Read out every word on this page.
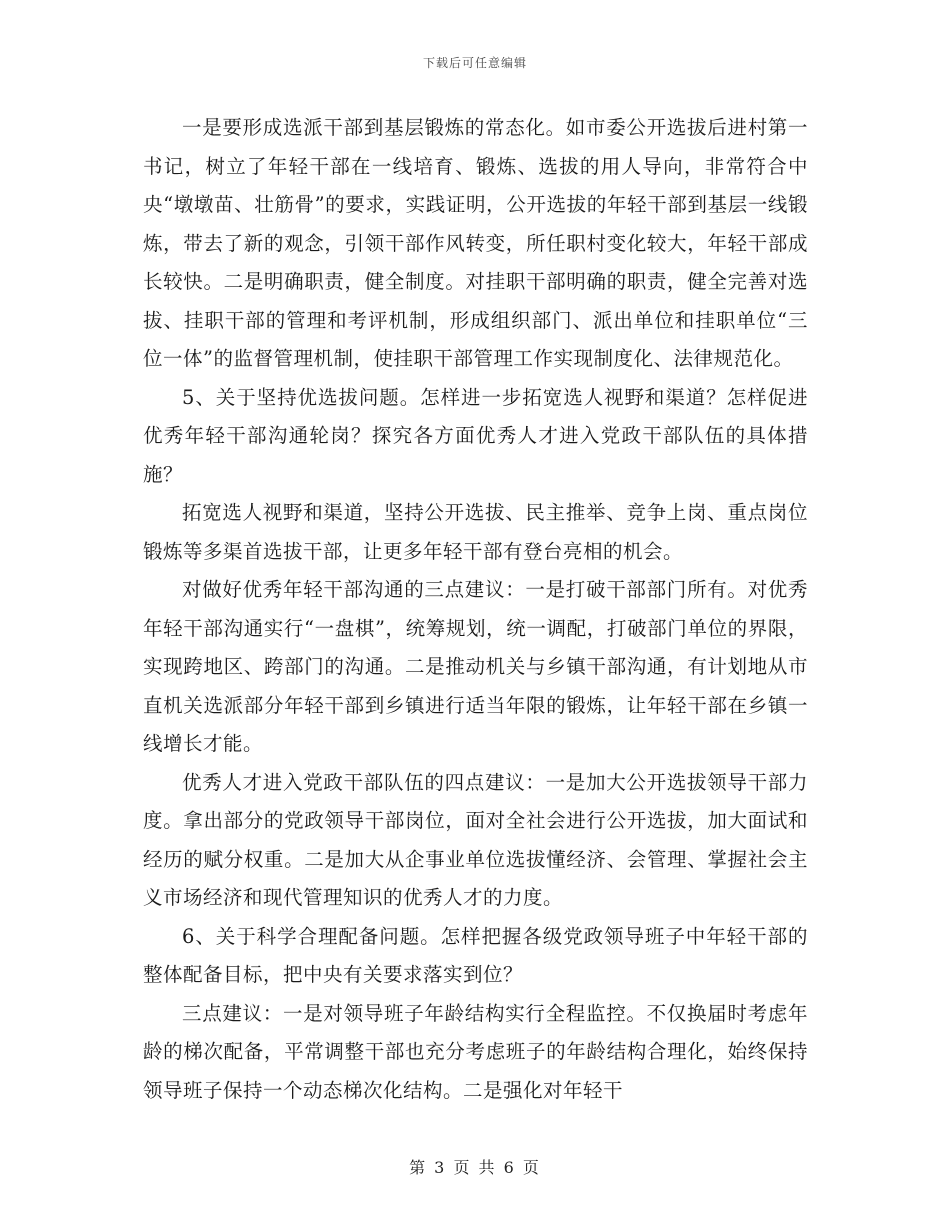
下载后可任意编辑

一是要形成选派干部到基层锻炼的常态化。如市委公开选拔后进村第一书记，树立了年轻干部在一线培育、锻炼、选拔的用人导向，非常符合中央“墩墩苗、壮筋骨”的要求，实践证明，公开选拔的年轻干部到基层一线锻炼，带去了新的观念，引领干部作风转变，所任职村变化较大，年轻干部成长较快。二是明确职责，健全制度。对挂职干部明确的职责，健全完善对选拔、挂职干部的管理和考评机制，形成组织部门、派出单位和挂职单位“三位一体”的监督管理机制，使挂职干部管理工作实现制度化、法律规范化。

5、关于坚持优选拔问题。怎样进一步拓宽选人视野和渠道？怎样促进优秀年轻干部沟通轮岗？探究各方面优秀人才进入党政干部队伍的具体措施？

拓宽选人视野和渠道，坚持公开选拔、民主推举、竞争上岗、重点岗位锻炼等多渠首选拔干部，让更多年轻干部有登台亮相的机会。

对做好优秀年轻干部沟通的三点建议：一是打破干部部门所有。对优秀年轻干部沟通实行“一盘棋”，统筹规划，统一调配，打破部门单位的界限，实现跨地区、跨部门的沟通。二是推动机关与乡镇干部沟通，有计划地从市直机关选派部分年轻干部到乡镇进行适当年限的锻炼，让年轻干部在乡镇一线增长才能。

优秀人才进入党政干部队伍的四点建议：一是加大公开选拔领导干部力度。拿出部分的党政领导干部岗位，面对全社会进行公开选拔，加大面试和经历的赋分权重。二是加大从企事业单位选拔懂经济、会管理、掌握社会主义市场经济和现代管理知识的优秀人才的力度。

6、关于科学合理配备问题。怎样把握各级党政领导班子中年轻干部的整体配备目标，把中央有关要求落实到位？

三点建议：一是对领导班子年龄结构实行全程监控。不仅换届时考虑年龄的梯次配备，平常调整干部也充分考虑班子的年龄结构合理化，始终保持领导班子保持一个动态梯次化结构。二是强化对年轻干

第 3 页 共 6 页
